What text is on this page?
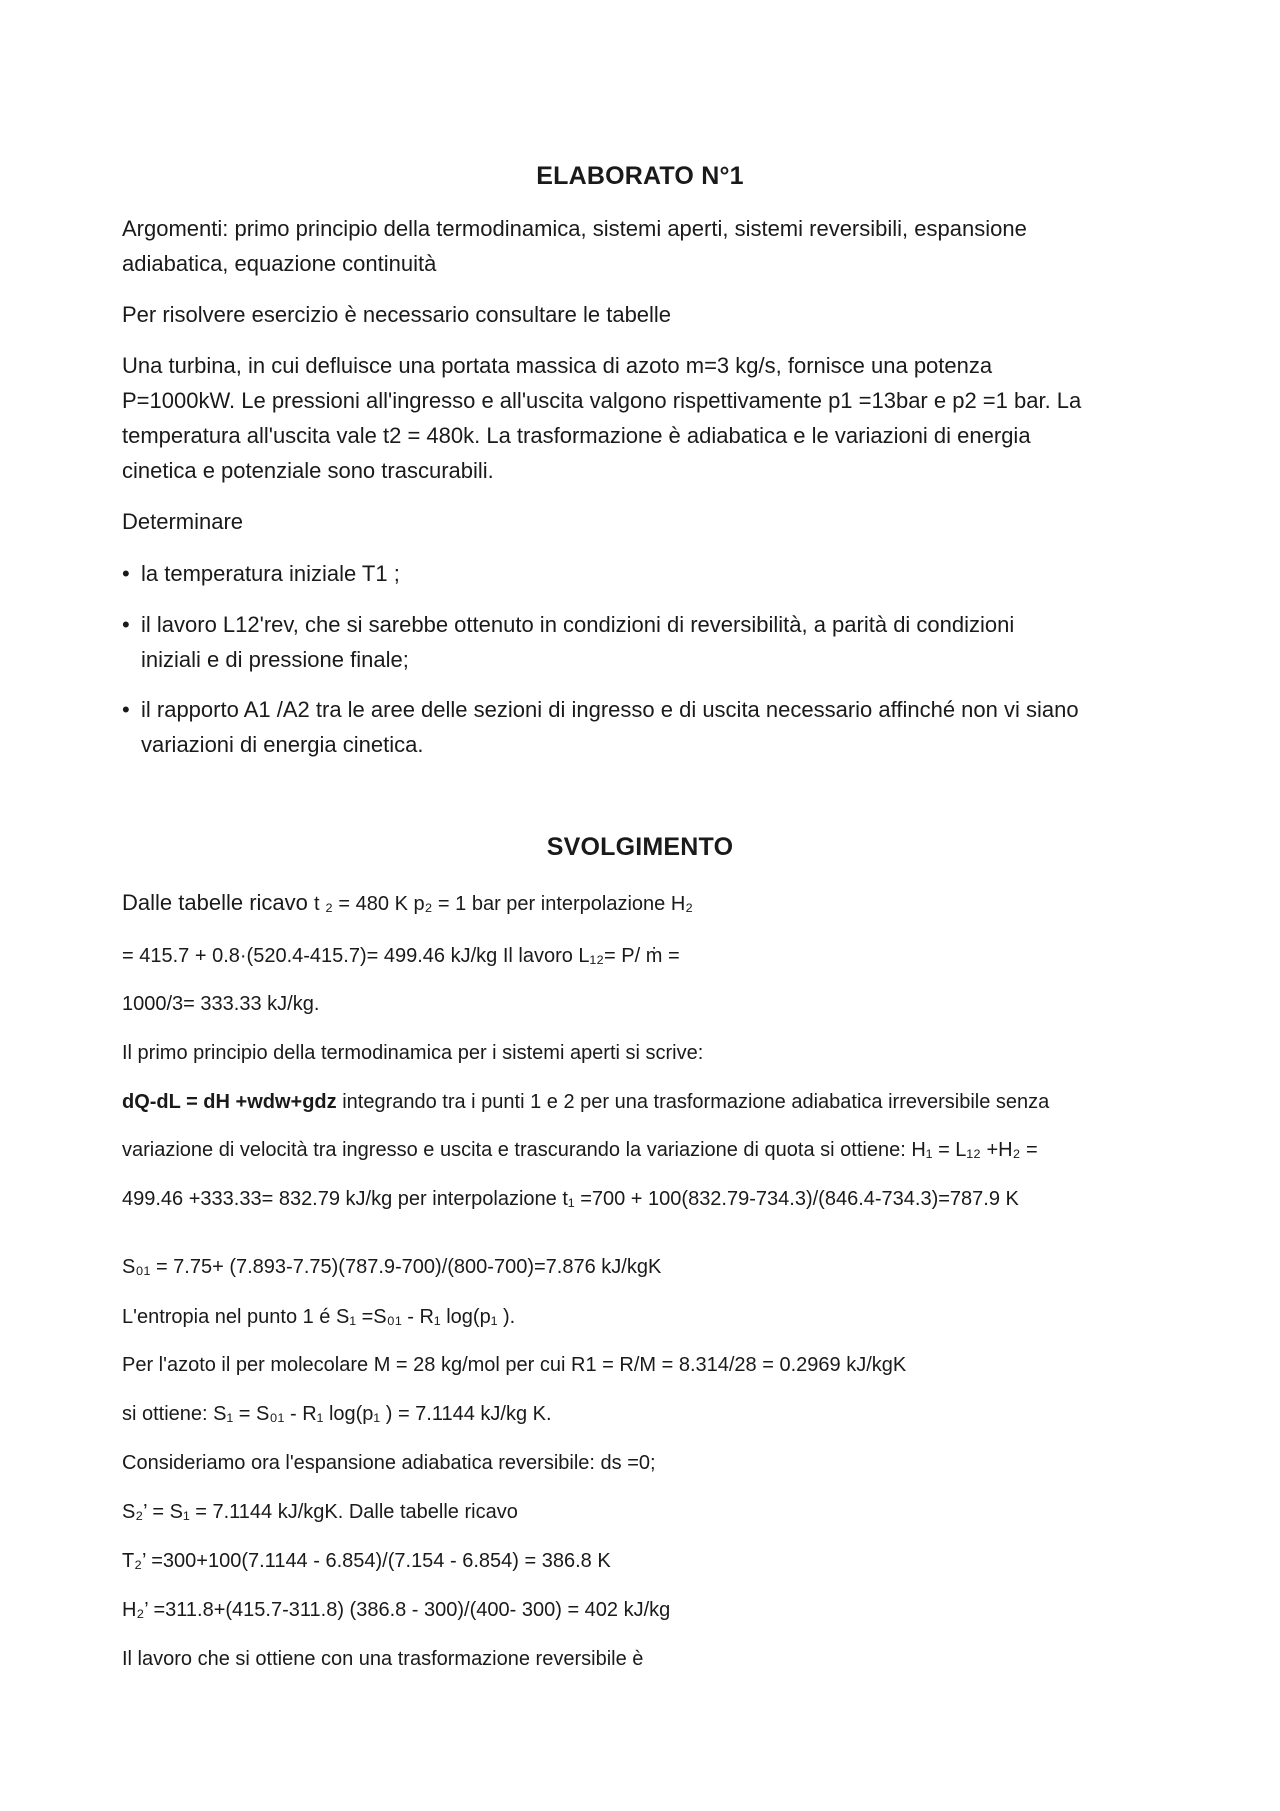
ELABORATO N°1
Argomenti: primo principio della termodinamica, sistemi aperti, sistemi reversibili, espansione
adiabatica, equazione continuità
Per risolvere esercizio è necessario consultare le tabelle
Una turbina, in cui defluisce una portata massica di azoto m=3 kg/s, fornisce una potenza
P=1000kW. Le pressioni all'ingresso e all'uscita valgono rispettivamente p1 =13bar e p2 =1 bar. La
temperatura all'uscita vale t2 = 480k. La trasformazione è adiabatica e le variazioni di energia
cinetica e potenziale sono trascurabili.
Determinare
• la temperatura iniziale T1 ;
• il lavoro L12'rev, che si sarebbe ottenuto in condizioni di reversibilità, a parità di condizioni
iniziali e di pressione finale;
• il rapporto A1 /A2 tra le aree delle sezioni di ingresso e di uscita necessario affinché non vi siano
variazioni di energia cinetica.
SVOLGIMENTO
Dalle tabelle ricavo t ₂ = 480 K p₂ = 1 bar per interpolazione H₂
= 415.7 + 0.8·(520.4-415.7)= 499.46 kJ/kg Il lavoro L₁₂= P/ ṁ =
1000/3= 333.33 kJ/kg.
Il primo principio della termodinamica per i sistemi aperti si scrive:
dQ-dL = dH +wdw+gdz integrando tra i punti 1 e 2 per una trasformazione adiabatica irreversibile senza
variazione di velocità tra ingresso e uscita e trascurando la variazione di quota si ottiene: H₁ = L₁₂ +H₂ =
499.46 +333.33= 832.79 kJ/kg per interpolazione t₁ =700 + 100(832.79-734.3)/(846.4-734.3)=787.9 K
S₀₁ = 7.75+ (7.893-7.75)(787.9-700)/(800-700)=7.876 kJ/kgK
L'entropia nel punto 1 é S₁ =S₀₁ - R₁ log(p₁ ).
Per l'azoto il per molecolare M = 28 kg/mol per cui R1 = R/M = 8.314/28 = 0.2969 kJ/kgK
si ottiene: S₁ = S₀₁ - R₁ log(p₁ ) = 7.1144 kJ/kg K.
Consideriamo ora l'espansione adiabatica reversibile: ds =0;
S₂’ = S₁ = 7.1144 kJ/kgK. Dalle tabelle ricavo
T₂’ =300+100(7.1144 - 6.854)/(7.154 - 6.854) = 386.8 K
H₂’ =311.8+(415.7-311.8) (386.8 - 300)/(400- 300) = 402 kJ/kg
Il lavoro che si ottiene con una trasformazione reversibile è
